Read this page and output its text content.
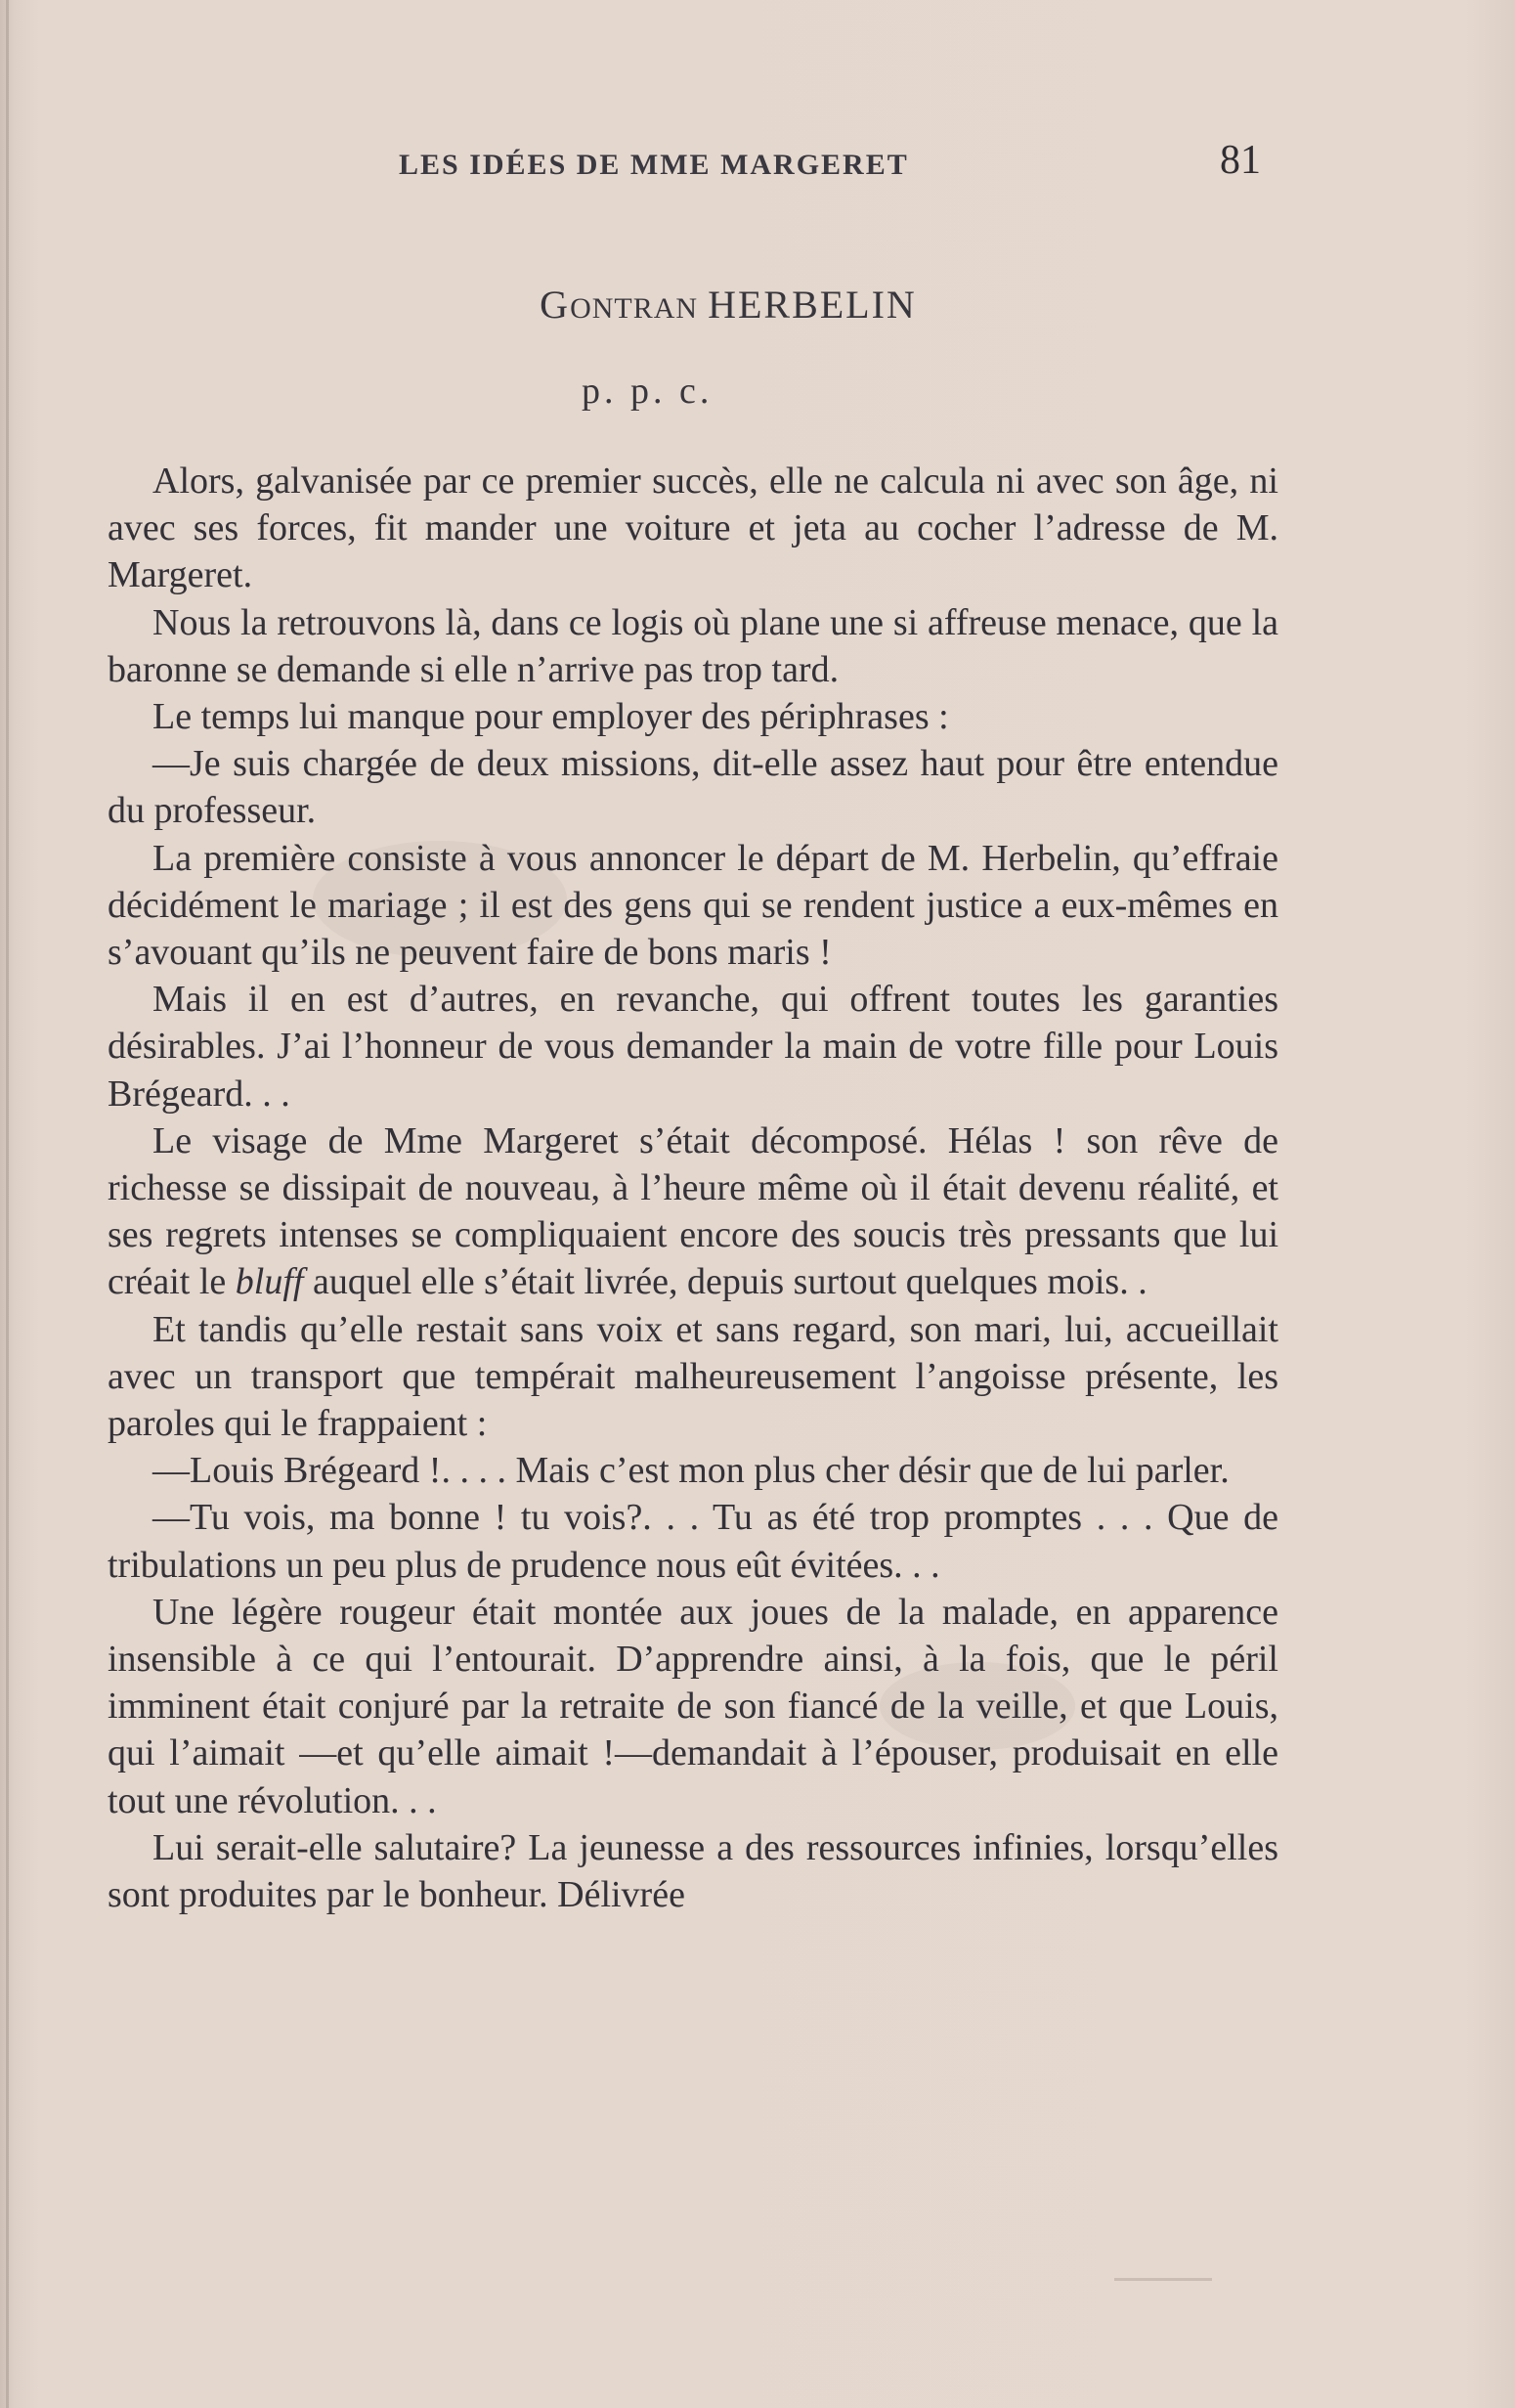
LES IDÉES DE MME MARGERET	81
GONTRAN HERBELIN
p. p. c.

Alors, galvanisée par ce premier succès, elle ne calcula ni avec son âge, ni avec ses forces, fit mander une voiture et jeta au cocher l’adresse de M. Margeret.

Nous la retrouvons là, dans ce logis où plane une si affreuse menace, que la baronne se demande si elle n’arrive pas trop tard.

Le temps lui manque pour employer des périphrases :

—Je suis chargée de deux missions, dit-elle assez haut pour être entendue du professeur.

La première consiste à vous annoncer le départ de M. Herbelin, qu’effraie décidément le mariage ; il est des gens qui se rendent justice a eux-mêmes en s’avouant qu’ils ne peuvent faire de bons maris !

Mais il en est d’autres, en revanche, qui offrent toutes les garanties désirables. J’ai l’honneur de vous demander la main de votre fille pour Louis Brégeard. . .

Le visage de Mme Margeret s’était décomposé. Hélas ! son rêve de richesse se dissipait de nouveau, à l’heure même où il était devenu réalité, et ses regrets intenses se compliquaient encore des soucis très pressants que lui créait le bluff auquel elle s’était livrée, depuis surtout quelques mois. .

Et tandis qu’elle restait sans voix et sans regard, son mari, lui, accueillait avec un transport que tempérait malheureusement l’angoisse présente, les paroles qui le frappaient :

—Louis Brégeard !. . . . Mais c’est mon plus cher désir que de lui parler.

—Tu vois, ma bonne ! tu vois?. . . Tu as été trop promptes . . . Que de tribulations un peu plus de prudence nous eût évitées. . .

Une légère rougeur était montée aux joues de la malade, en apparence insensible à ce qui l’entourait. D’apprendre ainsi, à la fois, que le péril imminent était conjuré par la retraite de son fiancé de la veille, et que Louis, qui l’aimait —et qu’elle aimait !—demandait à l’épouser, produisait en elle tout une révolution. . .

Lui serait-elle salutaire? La jeunesse a des ressources infinies, lorsqu’elles sont produites par le bonheur. Délivrée
